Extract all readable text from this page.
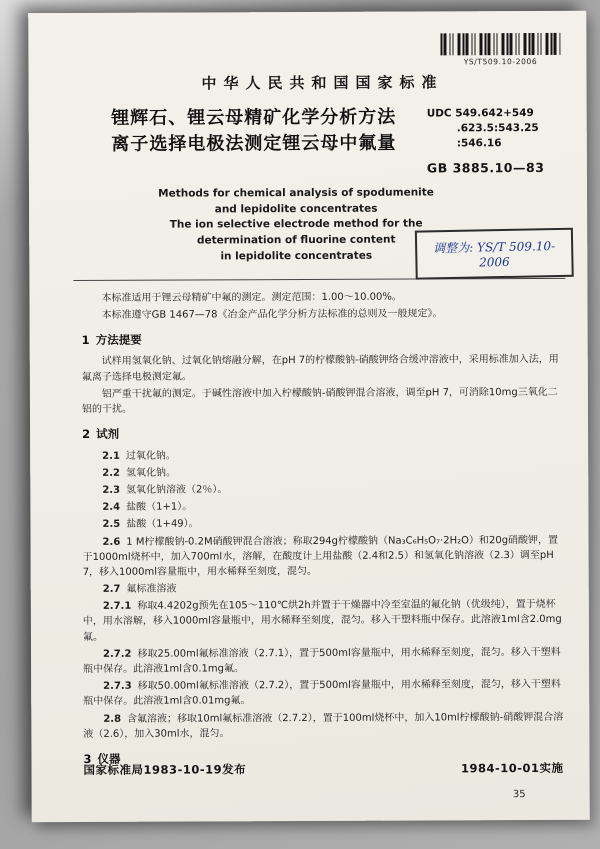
YS/T509.10-2006
中华人民共和国国家标准
锂辉石、锂云母精矿化学分析方法
离子选择电极法测定锂云母中氟量
UDC 549.642+549
.623.5:543.25
:546.16
GB 3885.10—83
Methods for chemical analysis of spodumenite
and lepidolite concentrates
The ion selective electrode method for the
determination of fluorine content
in lepidolite concentrates
调整为: YS/T 509.10-2006
本标准适用于锂云母精矿中氟的测定。测定范围：1.00～10.00%。
本标准遵守GB 1467—78《冶金产品化学分析方法标准的总则及一般规定》。
1 方法提要
试样用氢氧化钠、过氧化钠熔融分解，在pH 7的柠檬酸钠-硝酸钾络合缓冲溶液中，采用标准加入法，用氟离子选择电极测定氟。
铝严重干扰氟的测定。于碱性溶液中加入柠檬酸钠-硝酸钾混合溶液，调至pH 7，可消除10mg三氧化二铝的干扰。
2 试剂
2.1 过氧化钠。
2.2 氢氧化钠。
2.3 氢氧化钠溶液（2％）。
2.4 盐酸（1+1）。
2.5 盐酸（1+49）。
2.6 1 M柠檬酸钠-0.2M硝酸钾混合溶液；称取294g柠檬酸钠（Na₃C₆H₅O₇·2H₂O）和20g硝酸钾，置于1000ml烧杯中，加入700ml水，溶解，在酸度计上用盐酸（2.4和2.5）和氢氧化钠溶液（2.3）调至pH 7，移入1000ml容量瓶中，用水稀释至刻度，混匀。
2.7 氟标准溶液
2.7.1 称取4.4202g预先在105～110℃烘2h并置于干燥器中冷至室温的氟化钠（优级纯），置于烧杯中，用水溶解，移入1000ml容量瓶中，用水稀释至刻度，混匀。移入干塑料瓶中保存。此溶液1ml含2.0mg氟。
2.7.2 移取25.00ml氟标准溶液（2.7.1），置于500ml容量瓶中，用水稀释至刻度，混匀。移入干塑料瓶中保存。此溶液1ml含0.1mg氟。
2.7.3 移取50.00ml氟标准溶液（2.7.2），置于500ml容量瓶中，用水稀释至刻度，混匀，移入干塑料瓶中保存。此溶液1ml含0.01mg氟。
2.8 含氟溶液；移取10ml氟标准溶液（2.7.2），置于100ml烧杯中，加入10ml柠檬酸钠-硝酸钾混合溶液（2.6），加入30ml水，混匀。
3 仪器
国家标准局1983-10-19发布	1984-10-01实施
35
